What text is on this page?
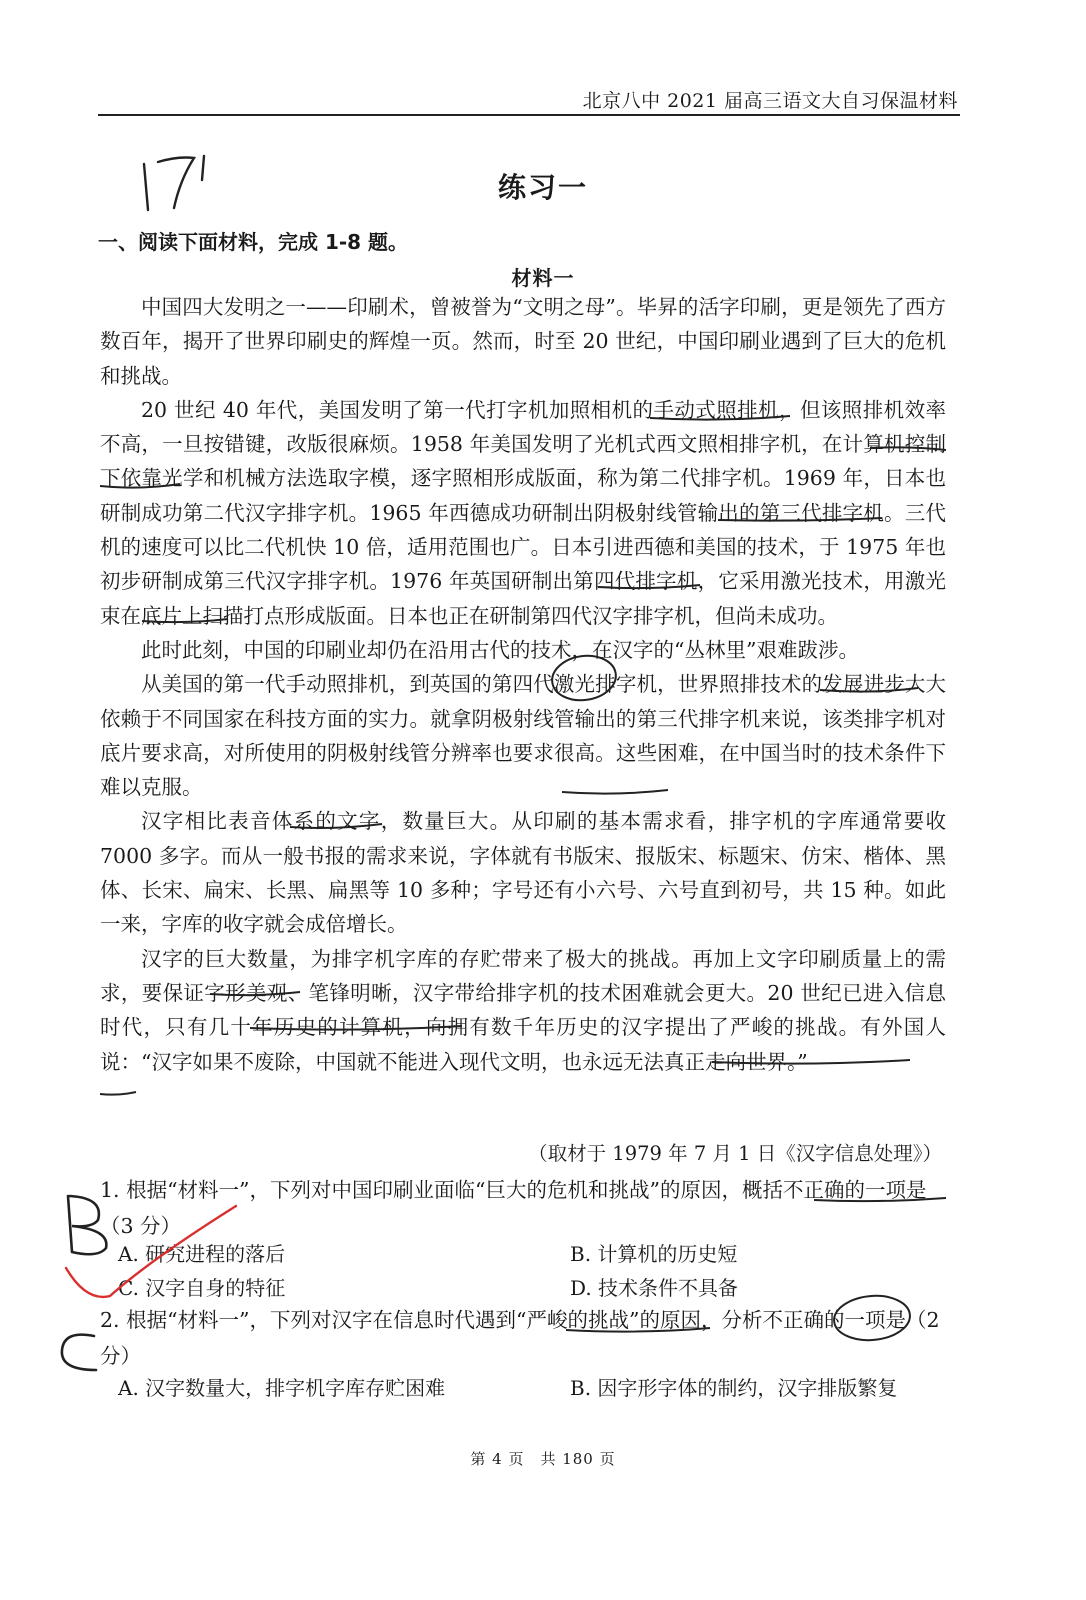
北京八中 2021 届高三语文大自习保温材料
练习一
一、阅读下面材料，完成 1-8 题。
材料一

中国四大发明之一——印刷术，曾被誉为“文明之母”。毕昇的活字印刷，更是领先了西方数百年，揭开了世界印刷史的辉煌一页。然而，时至 20 世纪，中国印刷业遇到了巨大的危机和挑战。

20 世纪 40 年代，美国发明了第一代打字机加照相机的手动式照排机，但该照排机效率不高，一旦按错键，改版很麻烦。1958 年美国发明了光机式西文照相排字机，在计算机控制下依靠光学和机械方法选取字模，逐字照相形成版面，称为第二代排字机。1969 年，日本也研制成功第二代汉字排字机。1965 年西德成功研制出阴极射线管输出的第三代排字机。三代机的速度可以比二代机快 10 倍，适用范围也广。日本引进西德和美国的技术，于 1975 年也初步研制成第三代汉字排字机。1976 年英国研制出第四代排字机，它采用激光技术，用激光束在底片上扫描打点形成版面。日本也正在研制第四代汉字排字机，但尚未成功。

此时此刻，中国的印刷业却仍在沿用古代的技术，在汉字的“丛林里”艰难跋涉。

从美国的第一代手动照排机，到英国的第四代激光排字机，世界照排技术的发展进步大大依赖于不同国家在科技方面的实力。就拿阴极射线管输出的第三代排字机来说，该类排字机对底片要求高，对所使用的阴极射线管分辨率也要求很高。这些困难，在中国当时的技术条件下难以克服。

汉字相比表音体系的文字，数量巨大。从印刷的基本需求看，排字机的字库通常要收 7000 多字。而从一般书报的需求来说，字体就有书版宋、报版宋、标题宋、仿宋、楷体、黑体、长宋、扁宋、长黑、扁黑等 10 多种；字号还有小六号、六号直到初号，共 15 种。如此一来，字库的收字就会成倍增长。

汉字的巨大数量，为排字机字库的存贮带来了极大的挑战。再加上文字印刷质量上的需求，要保证字形美观、笔锋明晰，汉字带给排字机的技术困难就会更大。20 世纪已进入信息时代，只有几十年历史的计算机，向拥有数千年历史的汉字提出了严峻的挑战。有外国人说：“汉字如果不废除，中国就不能进入现代文明，也永远无法真正走向世界。”

（取材于 1979 年 7 月 1 日《汉字信息处理》）
1. 根据“材料一”，下列对中国印刷业面临“巨大的危机和挑战”的原因，概括不正确的一项是（3 分）
A. 研究进程的落后	B. 计算机的历史短
C. 汉字自身的特征	D. 技术条件不具备
2. 根据“材料一”，下列对汉字在信息时代遇到“严峻的挑战”的原因，分析不正确的一项是（2 分）
A. 汉字数量大，排字机字库存贮困难	B. 因字形字体的制约，汉字排版繁复
第 4 页　共 180 页
